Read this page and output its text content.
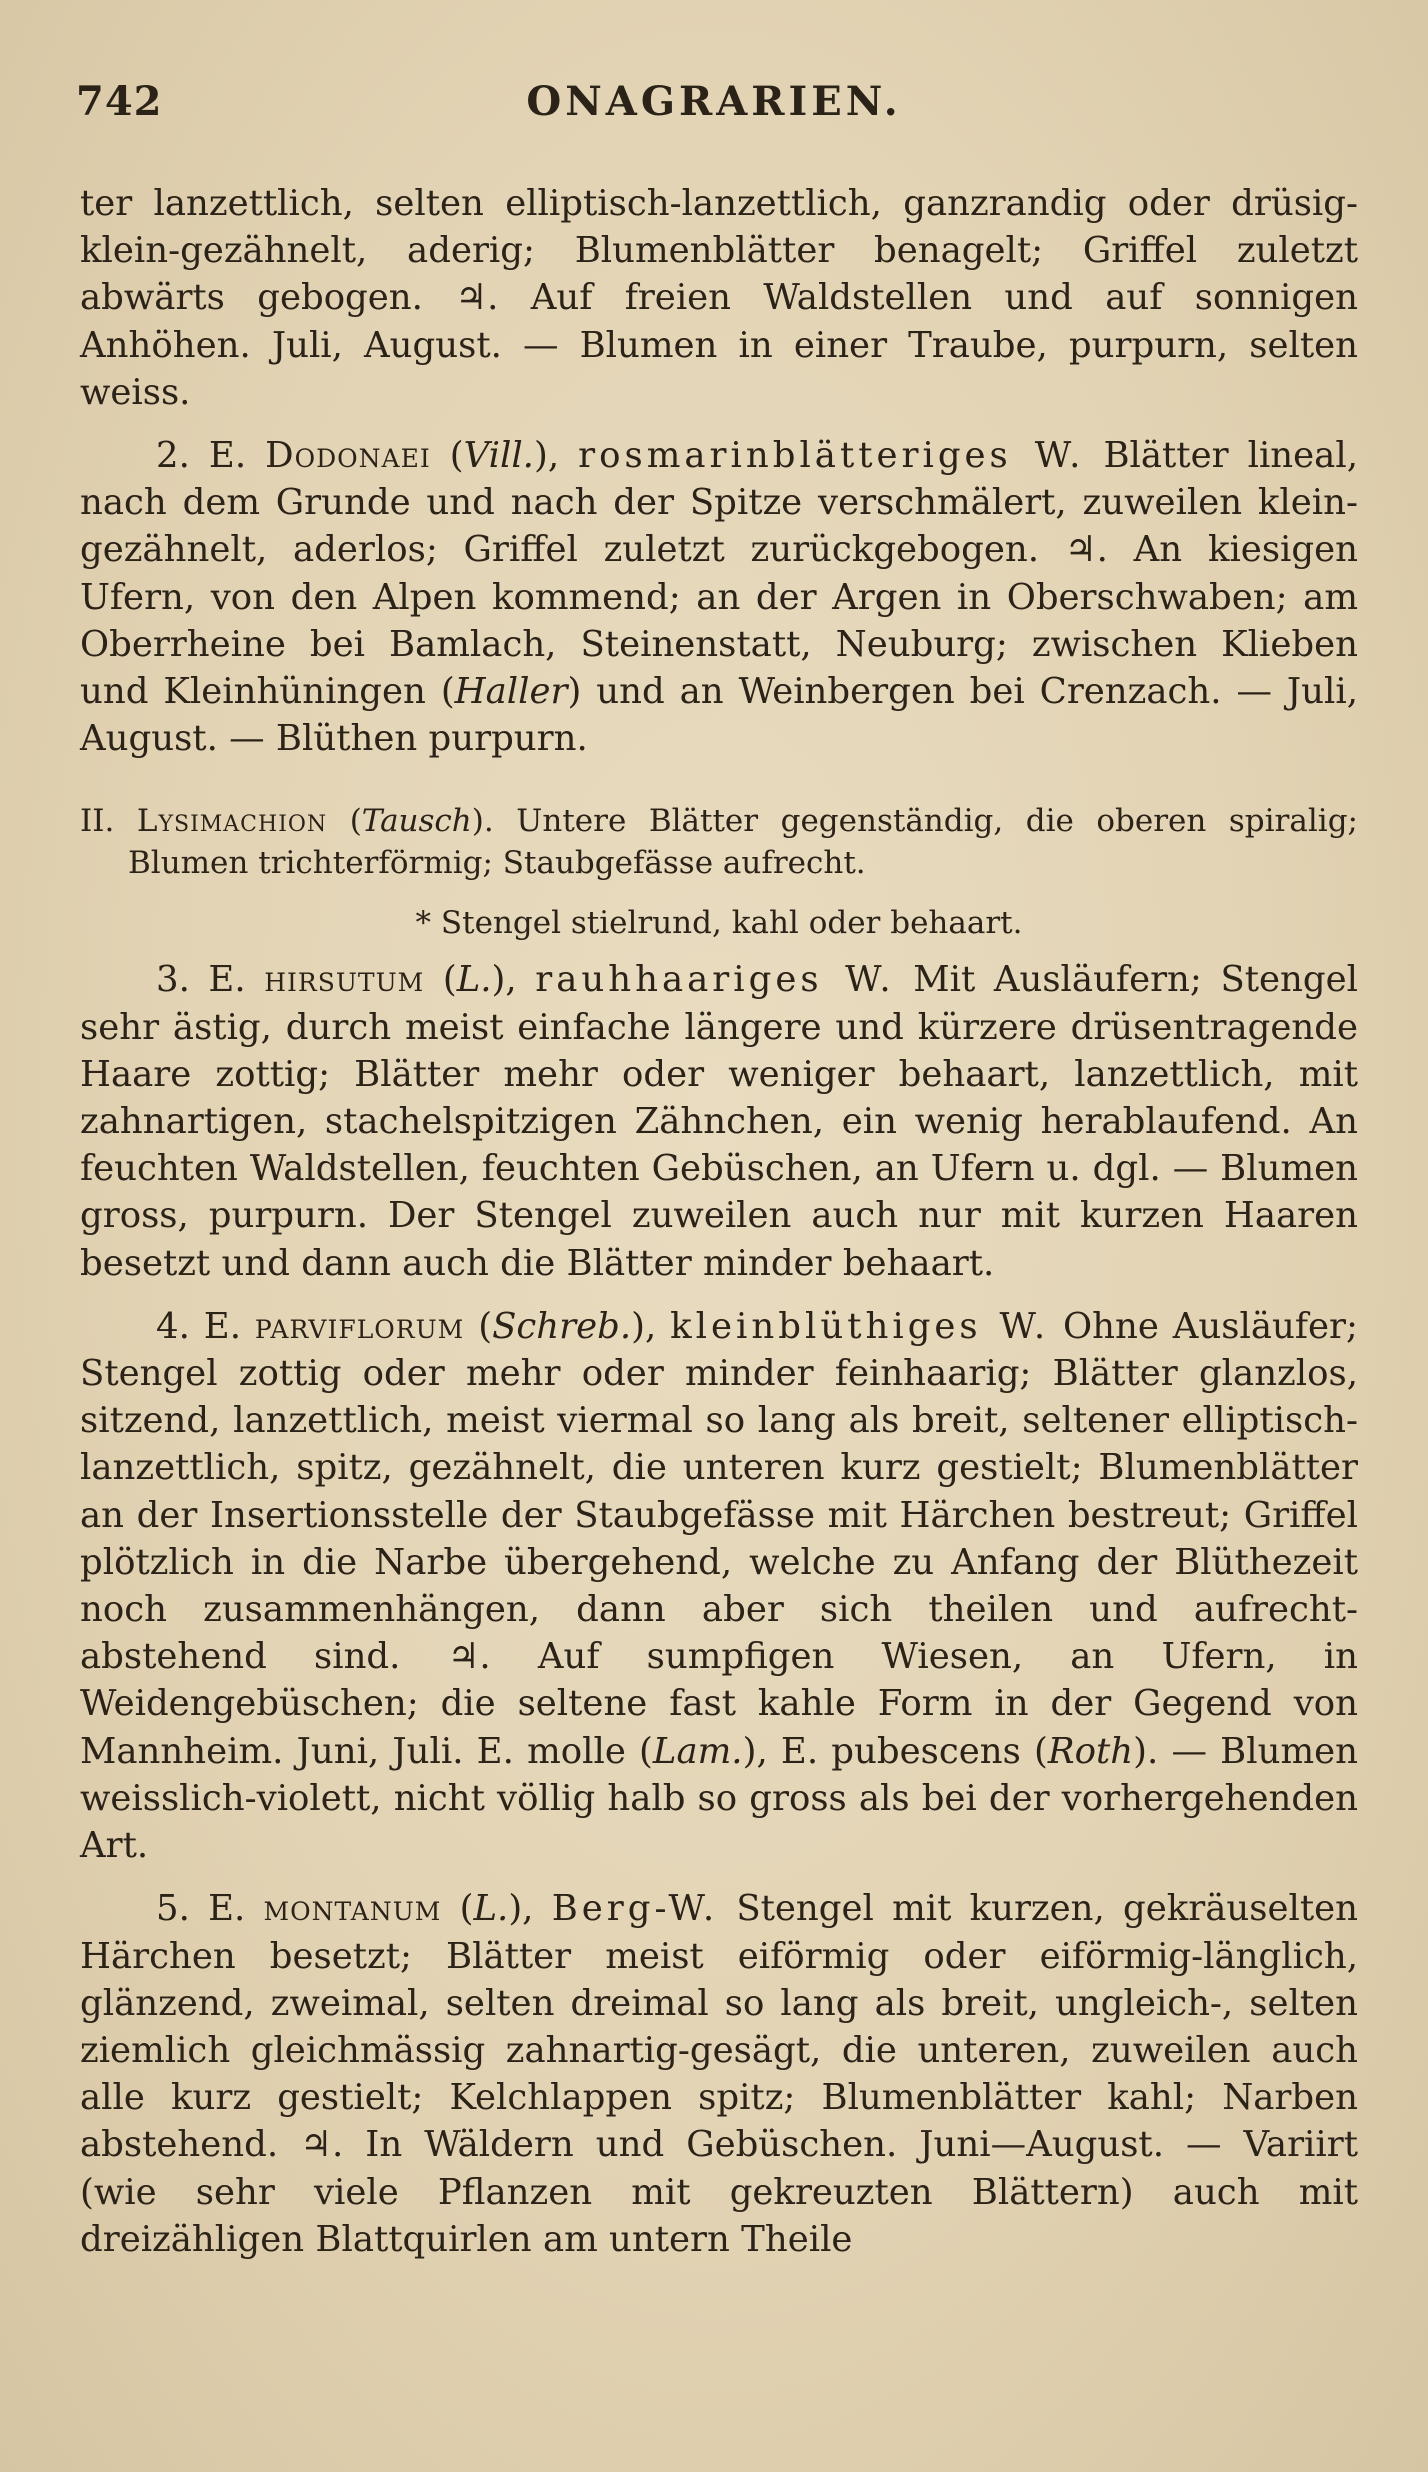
742	ONAGRARIEN.

ter lanzettlich, selten elliptisch-lanzettlich, ganzrandig oder drüsig-klein-gezähnelt, aderig; Blumenblätter benagelt; Griffel zuletzt abwärts gebogen. ♃. Auf freien Waldstellen und auf sonnigen Anhöhen. Juli, August. — Blumen in einer Traube, purpurn, selten weiss.

2. E. Dodonaei (Vill.), rosmarinblätteriges W. Blätter lineal, nach dem Grunde und nach der Spitze verschmälert, zuweilen klein-gezähnelt, aderlos; Griffel zuletzt zurückgebogen. ♃. An kiesigen Ufern, von den Alpen kommend; an der Argen in Oberschwaben; am Oberrheine bei Bamlach, Steinenstatt, Neuburg; zwischen Klieben und Kleinhüningen (Haller) und an Weinbergen bei Crenzach. — Juli, August. — Blüthen purpurn.

II. Lysimachion (Tausch). Untere Blätter gegenständig, die oberen spiralig; Blumen trichterförmig; Staubgefässe aufrecht.

* Stengel stielrund, kahl oder behaart.

3. E. hirsutum (L.), rauhhaariges W. Mit Ausläufern; Stengel sehr ästig, durch meist einfache längere und kürzere drüsentragende Haare zottig; Blätter mehr oder weniger behaart, lanzettlich, mit zahnartigen, stachelspitzigen Zähnchen, ein wenig herablaufend. An feuchten Waldstellen, feuchten Gebüschen, an Ufern u. dgl. — Blumen gross, purpurn. Der Stengel zuweilen auch nur mit kurzen Haaren besetzt und dann auch die Blätter minder behaart.

4. E. parviflorum (Schreb.), kleinblüthiges W. Ohne Ausläufer; Stengel zottig oder mehr oder minder feinhaarig; Blätter glanzlos, sitzend, lanzettlich, meist viermal so lang als breit, seltener elliptisch-lanzettlich, spitz, gezähnelt, die unteren kurz gestielt; Blumenblätter an der Insertionsstelle der Staubgefässe mit Härchen bestreut; Griffel plötzlich in die Narbe übergehend, welche zu Anfang der Blüthezeit noch zusammenhängen, dann aber sich theilen und aufrecht-abstehend sind. ♃. Auf sumpfigen Wiesen, an Ufern, in Weidengebüschen; die seltene fast kahle Form in der Gegend von Mannheim. Juni, Juli. E. molle (Lam.), E. pubescens (Roth). — Blumen weisslich-violett, nicht völlig halb so gross als bei der vorhergehenden Art.

5. E. montanum (L.), Berg-W. Stengel mit kurzen, gekräuselten Härchen besetzt; Blätter meist eiförmig oder eiförmig-länglich, glänzend, zweimal, selten dreimal so lang als breit, ungleich-, selten ziemlich gleichmässig zahnartig-gesägt, die unteren, zuweilen auch alle kurz gestielt; Kelchlappen spitz; Blumenblätter kahl; Narben abstehend. ♃. In Wäldern und Gebüschen. Juni—August. — Variirt (wie sehr viele Pflanzen mit gekreuzten Blättern) auch mit dreizähligen Blattquirlen am untern Theile
